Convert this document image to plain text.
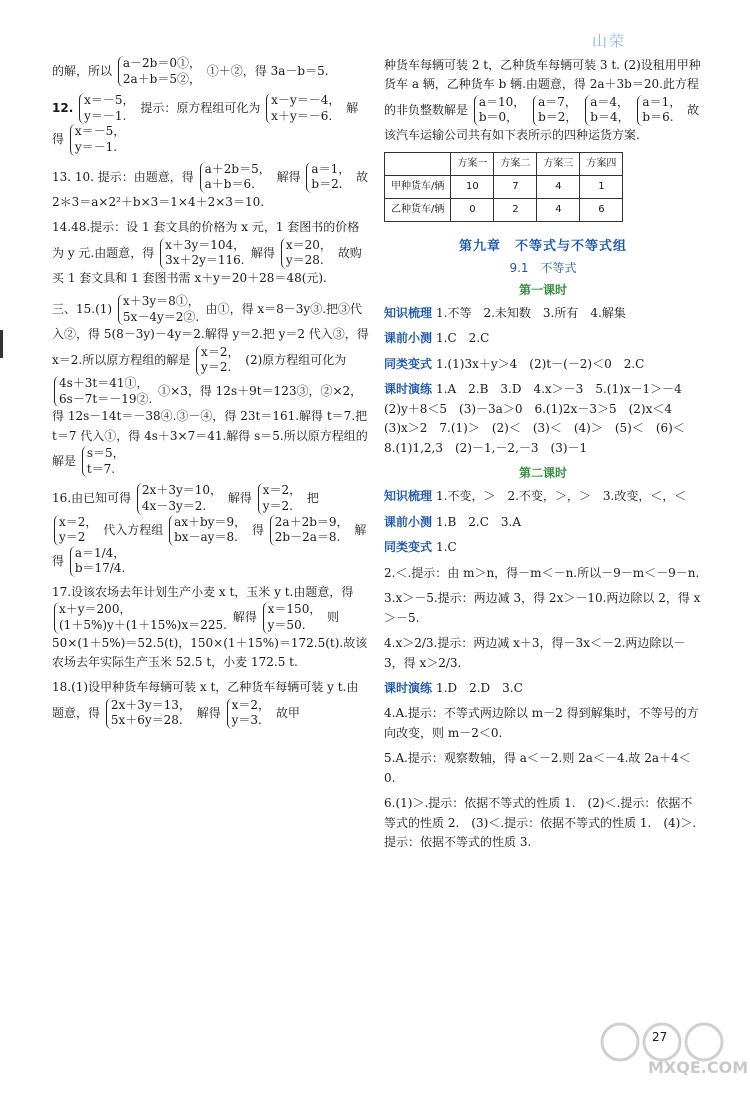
山荣

的解，所以
a－2b＝0①，
2a＋b＝5②，
①＋②，得 3a－b＝5.

12.
x＝－5，
y＝－1.
提示：原方程组可化为
x－y＝－4，
x＋y＝－6.
解得
x＝－5，
y＝－1.

13. 10. 提示：由题意，得
a＋2b＝5，
a＋b＝6.
解得
a＝1，
b＝2.
故 2＊3＝a×2²＋b×3＝1×4＋2×3＝10.

14.48.提示：设 1 套文具的价格为 x 元，1 套图书的价格为 y 元.由题意，得
x＋3y＝104，
3x＋2y＝116.
解得
x＝20，
y＝28.
故购买 1 套文具和 1 套图书需 x＋y＝20＋28＝48(元).

三、15.(1)
x＋3y＝8①，
5x－4y＝2②.
由①，得 x＝8－3y③.把③代入②，得 5(8－3y)－4y＝2.解得 y＝2.把 y＝2 代入③，得 x＝2.所以原方程组的解是
x＝2，
y＝2.
(2)原方程组可化为
4s＋3t＝41①，
6s－7t＝－19②.
①×3，得 12s＋9t＝123③，②×2，得 12s－14t＝－38④.③－④，得 23t＝161.解得 t＝7.把 t＝7 代入①，得 4s＋3×7＝41.解得 s＝5.所以原方程组的解是
s＝5，
t＝7.

16.由已知可得
2x＋3y＝10，
4x－3y＝2.
解得
x＝2，
y＝2.
把
x＝2，
y＝2
代入方程组
ax＋by＝9，
bx－ay＝8.
得
2a＋2b＝9，
2b－2a＝8.
解得
a＝1/4，
b＝17/4.

17.设该农场去年计划生产小麦 x t，玉米 y t.由题意，得
x＋y＝200，
(1＋5%)y＋(1＋15%)x＝225.
解得
x＝150，
y＝50.
则 50×(1＋5%)＝52.5(t)，150×(1＋15%)＝172.5(t).故该农场去年实际生产玉米 52.5 t，小麦 172.5 t.

18.(1)设甲种货车每辆可装 x t，乙种货车每辆可装 y t.由题意，得
2x＋3y＝13，
5x＋6y＝28.
解得
x＝2，
y＝3.
故甲

种货车每辆可装 2 t，乙种货车每辆可装 3 t. (2)设租用甲种货车 a 辆，乙种货车 b 辆.由题意，得 2a＋3b＝20.此方程的非负整数解是
a＝10，
b＝0，

a＝7，
b＝2，

a＝4，
b＝4，

a＝1，
b＝6.
故该汽车运输公司共有如下表所示的四种运货方案.

	方案一	方案二	方案三	方案四
甲种货车/辆	10	7	4	1
乙种货车/辆	0	2	4	6
第九章　不等式与不等式组
9.1　不等式
第一课时

知识梳理 1.不等　2.未知数　3.所有　4.解集

课前小测 1.C　2.C

同类变式 1.(1)3x＋y＞4　(2)t－(－2)＜0　2.C

课时演练 1.A　2.B　3.D　4.x＞－3　5.(1)x－1＞－4　(2)y＋8＜5　(3)－3a＞0　6.(1)2x－3＞5　(2)x＜4　(3)x＞2　7.(1)＞　(2)＜　(3)＜　(4)＞　(5)＜　(6)＜　8.(1)1,2,3　(2)－1,－2,－3　(3)－1

第二课时

知识梳理 1.不变，＞　2.不变，＞，＞　3.改变，＜，＜

课前小测 1.B　2.C　3.A

同类变式 1.C

2.＜.提示：由 m＞n，得－m＜－n.所以－9－m＜－9－n.

3.x＞－5.提示：两边减 3，得 2x＞－10.两边除以 2，得 x＞－5.

4.x＞2/3.提示：两边减 x＋3，得－3x＜－2.两边除以－3，得 x＞2/3.

课时演练 1.D　2.D　3.C

4.A.提示：不等式两边除以 m－2 得到解集时，不等号的方向改变，则 m－2＜0.

5.A.提示：观察数轴，得 a＜－2.则 2a＜－4.故 2a＋4＜0.

6.(1)＞.提示：依据不等式的性质 1.　(2)＜.提示：依据不等式的性质 2.　(3)＜.提示：依据不等式的性质 1.　(4)＞.提示：依据不等式的性质 3.

27
MXQE.COM
